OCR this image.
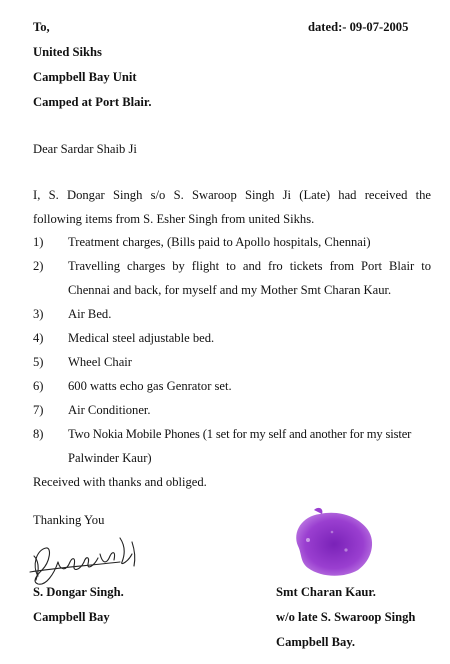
To,	dated:- 09-07-2005
United Sikhs
Campbell Bay Unit
Camped at Port Blair.
Dear Sardar Shaib Ji
I, S. Dongar Singh s/o S. Swaroop Singh Ji (Late) had received the
following items from S. Esher Singh from united Sikhs.
1) Treatment charges, (Bills paid to Apollo hospitals, Chennai)
2) Travelling charges by flight to and fro tickets from Port Blair to
Chennai and back, for myself and my Mother Smt Charan Kaur.
3) Air Bed.
4) Medical steel adjustable bed.
5) Wheel Chair
6) 600 watts echo gas Genrator set.
7) Air Conditioner.
8) Two Nokia Mobile Phones (1 set for my self and another for my sister
Palwinder Kaur)
Received with thanks and obliged.
Thanking You
S. Dongar Singh.
Campbell Bay
Smt Charan Kaur.
w/o late S. Swaroop Singh
Campbell Bay.
